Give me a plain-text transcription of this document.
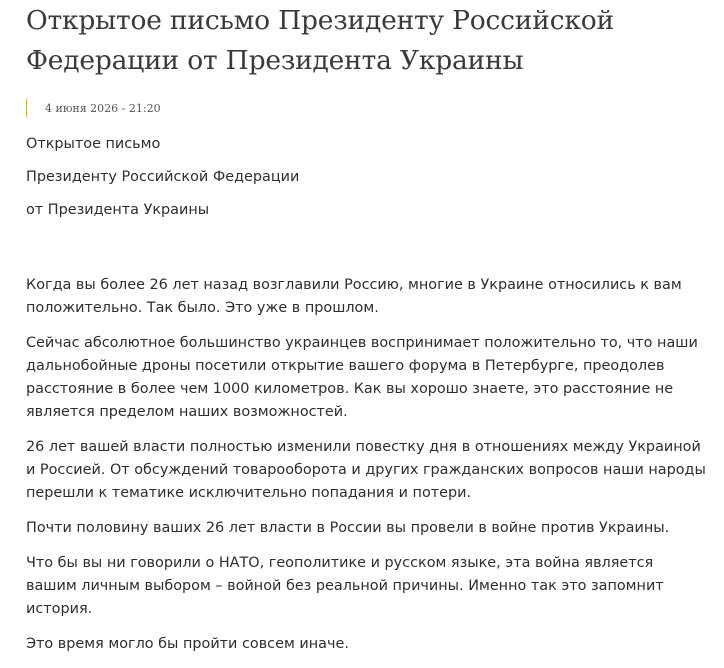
Открытое письмо Президенту Российской Федерации от Президента Украины
4 июня 2026 - 21:20

Открытое письмо

Президенту Российской Федерации

от Президента Украины

Когда вы более 26 лет назад возглавили Россию, многие в Украине относились к вам положительно. Так было. Это уже в прошлом.

Сейчас абсолютное большинство украинцев воспринимает положительно то, что наши дальнобойные дроны посетили открытие вашего форума в Петербурге, преодолев расстояние в более чем 1000 километров. Как вы хорошо знаете, это расстояние не является пределом наших возможностей.

26 лет вашей власти полностью изменили повестку дня в отношениях между Украиной и Россией. От обсуждений товарооборота и других гражданских вопросов наши народы перешли к тематике исключительно попадания и потери.

Почти половину ваших 26 лет власти в России вы провели в войне против Украины.

Что бы вы ни говорили о НАТО, геополитике и русском языке, эта война является вашим личным выбором – войной без реальной причины. Именно так это запомнит история.

Это время могло бы пройти совсем иначе.
